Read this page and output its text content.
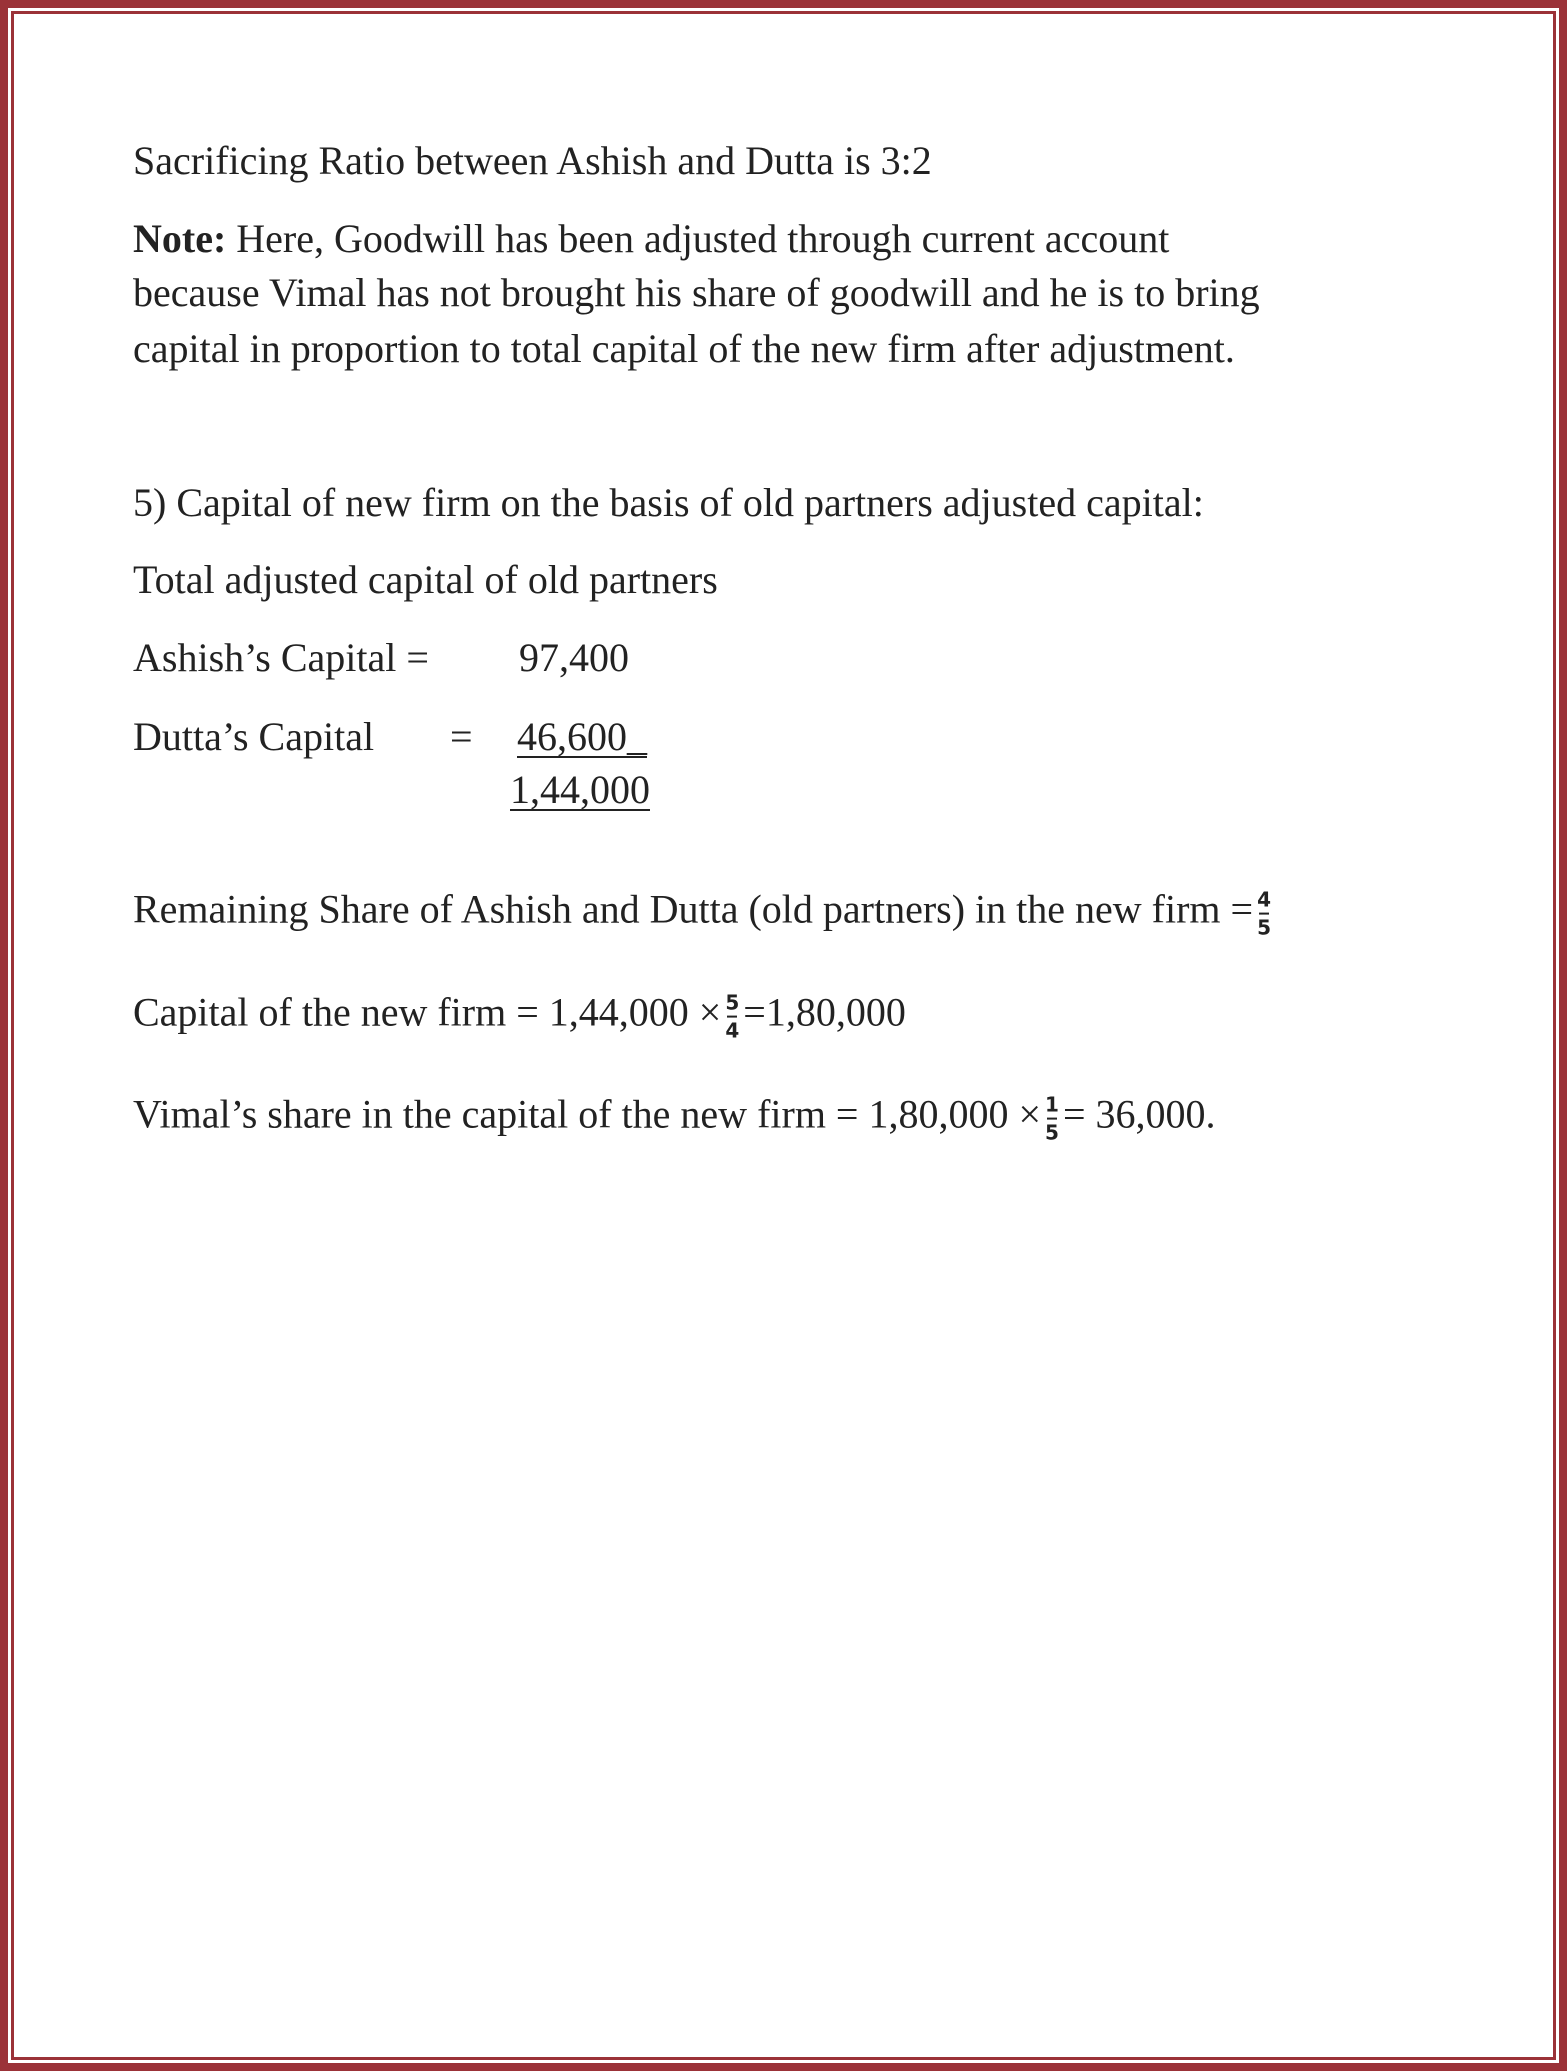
Sacrificing Ratio between Ashish and Dutta is 3:2
Note: Here, Goodwill has been adjusted through current account
because Vimal has not brought his share of goodwill and he is to bring
capital in proportion to total capital of the new firm after adjustment.
5) Capital of new firm on the basis of old partners adjusted capital:
Total adjusted capital of old partners
Ashish’s Capital = 97,400
Dutta’s Capital = 46,600_
1,44,000
Remaining Share of Ashish and Dutta (old partners) in the new firm = $\frac{4}{5}$
Capital of the new firm = $1,44,000 \times \frac{5}{4} =1,80,000$
Vimal’s share in the capital of the new firm = $1,80,000 \times \frac{1}{5} = 36,000$.
